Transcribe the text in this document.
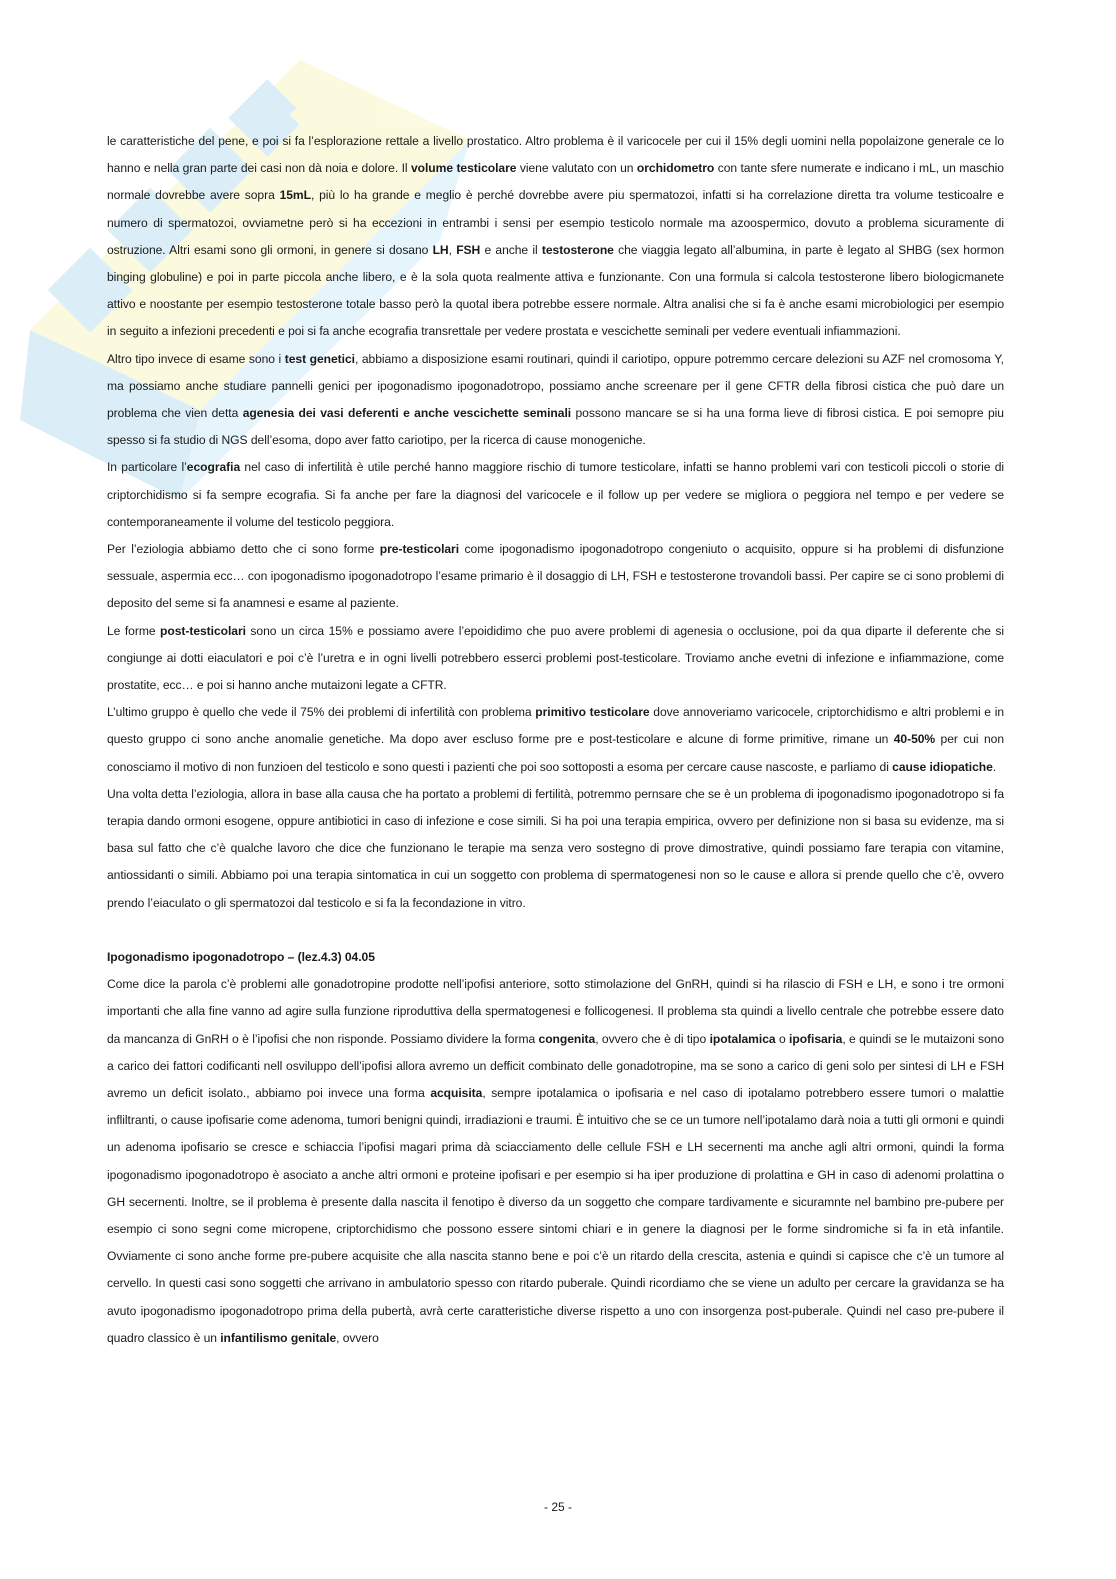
le caratteristiche del pene, e poi si fa l’esplorazione rettale a livello prostatico. Altro problema è il varicocele per cui il 15% degli uomini nella popolaizone generale ce lo hanno e nella gran parte dei casi non dà noia e dolore. Il volume testicolare viene valutato con un orchidometro con tante sfere numerate e indicano i mL, un maschio normale dovrebbe avere sopra 15mL, più lo ha grande e meglio è perché dovrebbe avere piu spermatozoi, infatti si ha correlazione diretta tra volume testicoalre e numero di spermatozoi, ovviametne però si ha eccezioni in entrambi i sensi per esempio testicolo normale ma azoospermico, dovuto a problema sicuramente di ostruzione. Altri esami sono gli ormoni, in genere si dosano LH, FSH e anche il testosterone che viaggia legato all’albumina, in parte è legato al SHBG (sex hormon binging globuline) e poi in parte piccola anche libero, e è la sola quota realmente attiva e funzionante. Con una formula si calcola testosterone libero biologicmanete attivo e noostante per esempio testosterone totale basso però la quotal ibera potrebbe essere normale. Altra analisi che si fa è anche esami microbiologici per esempio in seguito a infezioni precedenti e poi si fa anche ecografia transrettale per vedere prostata e vescichette seminali per vedere eventuali infiammazioni.

Altro tipo invece di esame sono i test genetici, abbiamo a disposizione esami routinari, quindi il cariotipo, oppure potremmo cercare delezioni su AZF nel cromosoma Y, ma possiamo anche studiare pannelli genici per ipogonadismo ipogonadotropo, possiamo anche screenare per il gene CFTR della fibrosi cistica che può dare un problema che vien detta agenesia dei vasi deferenti e anche vescichette seminali possono mancare se si ha una forma lieve di fibrosi cistica. E poi semopre piu spesso si fa studio di NGS dell’esoma, dopo aver fatto cariotipo, per la ricerca di cause monogeniche.

In particolare l’ecografia nel caso di infertilità è utile perché hanno maggiore rischio di tumore testicolare, infatti se hanno problemi vari con testicoli piccoli o storie di criptorchidismo si fa sempre ecografia. Si fa anche per fare la diagnosi del varicocele e il follow up per vedere se migliora o peggiora nel tempo e per vedere se contemporaneamente il volume del testicolo peggiora.

Per l’eziologia abbiamo detto che ci sono forme pre-testicolari come ipogonadismo ipogonadotropo congeniuto o acquisito, oppure si ha problemi di disfunzione sessuale, aspermia ecc… con ipogonadismo ipogonadotropo l’esame primario è il dosaggio di LH, FSH e testosterone trovandoli bassi. Per capire se ci sono problemi di deposito del seme si fa anamnesi e esame al paziente.

Le forme post-testicolari sono un circa 15% e possiamo avere l’epoididimo che puo avere problemi di agenesia o occlusione, poi da qua diparte il deferente che si congiunge ai dotti eiaculatori e poi c’è l’uretra e in ogni livelli potrebbero esserci problemi post-testicolare. Troviamo anche evetni di infezione e infiammazione, come prostatite, ecc… e poi si hanno anche mutaizoni legate a CFTR.

L’ultimo gruppo è quello che vede il 75% dei problemi di infertilità con problema primitivo testicolare dove annoveriamo varicocele, criptorchidismo e altri problemi e in questo gruppo ci sono anche anomalie genetiche. Ma dopo aver escluso forme pre e post-testicolare e alcune di forme primitive, rimane un 40-50% per cui non conosciamo il motivo di non funzioen del testicolo e sono questi i pazienti che poi soo sottoposti a esoma per cercare cause nascoste, e parliamo di cause idiopatiche.

Una volta detta l’eziologia, allora in base alla causa che ha portato a problemi di fertilità, potremmo pernsare che se è un problema di ipogonadismo ipogonadotropo si fa terapia dando ormoni esogene, oppure antibiotici in caso di infezione e cose simili. Si ha poi una terapia empirica, ovvero per definizione non si basa su evidenze, ma si basa sul fatto che c’è qualche lavoro che dice che funzionano le terapie ma senza vero sostegno di prove dimostrative, quindi possiamo fare terapia con vitamine, antiossidanti o simili. Abbiamo poi una terapia sintomatica in cui un soggetto con problema di spermatogenesi non so le cause e allora si prende quello che c’è, ovvero prendo l’eiaculato o gli spermatozoi dal testicolo e si fa la fecondazione in vitro.

Ipogonadismo ipogonadotropo – (lez.4.3) 04.05

Come dice la parola c’è problemi alle gonadotropine prodotte nell’ipofisi anteriore, sotto stimolazione del GnRH, quindi si ha rilascio di FSH e LH, e sono i tre ormoni importanti che alla fine vanno ad agire sulla funzione riproduttiva della spermatogenesi e follicogenesi. Il problema sta quindi a livello centrale che potrebbe essere dato da mancanza di GnRH o è l’ipofisi che non risponde. Possiamo dividere la forma congenita, ovvero che è di tipo ipotalamica o ipofisaria, e quindi se le mutaizoni sono a carico dei fattori codificanti nell osviluppo dell’ipofisi allora avremo un defficit combinato delle gonadotropine, ma se sono a carico di geni solo per sintesi di LH e FSH avremo un deficit isolato., abbiamo poi invece una forma acquisita, sempre ipotalamica o ipofisaria e nel caso di ipotalamo potrebbero essere tumori o malattie infliltranti, o cause ipofisarie come adenoma, tumori benigni quindi, irradiazioni e traumi. È intuitivo che se ce un tumore nell’ipotalamo darà noia a tutti gli ormoni e quindi un adenoma ipofisario se cresce e schiaccia l’ipofisi magari prima dà sciacciamento delle cellule FSH e LH secernenti ma anche agli altri ormoni, quindi la forma ipogonadismo ipogonadotropo è asociato a anche altri ormoni e proteine ipofisari e per esempio si ha iper produzione di prolattina e GH in caso di adenomi prolattina o GH secernenti. Inoltre, se il problema è presente dalla nascita il fenotipo è diverso da un soggetto che compare tardivamente e sicuramnte nel bambino pre-pubere per esempio ci sono segni come micropene, criptorchidismo che possono essere sintomi chiari e in genere la diagnosi per le forme sindromiche si fa in età infantile. Ovviamente ci sono anche forme pre-pubere acquisite che alla nascita stanno bene e poi c’è un ritardo della crescita, astenia e quindi si capisce che c’è un tumore al cervello. In questi casi sono soggetti che arrivano in ambulatorio spesso con ritardo puberale. Quindi ricordiamo che se viene un adulto per cercare la gravidanza se ha avuto ipogonadismo ipogonadotropo prima della pubertà, avrà certe caratteristiche diverse rispetto a uno con insorgenza post-puberale. Quindi nel caso pre-pubere il quadro classico è un infantilismo genitale, ovvero

- 25 -
